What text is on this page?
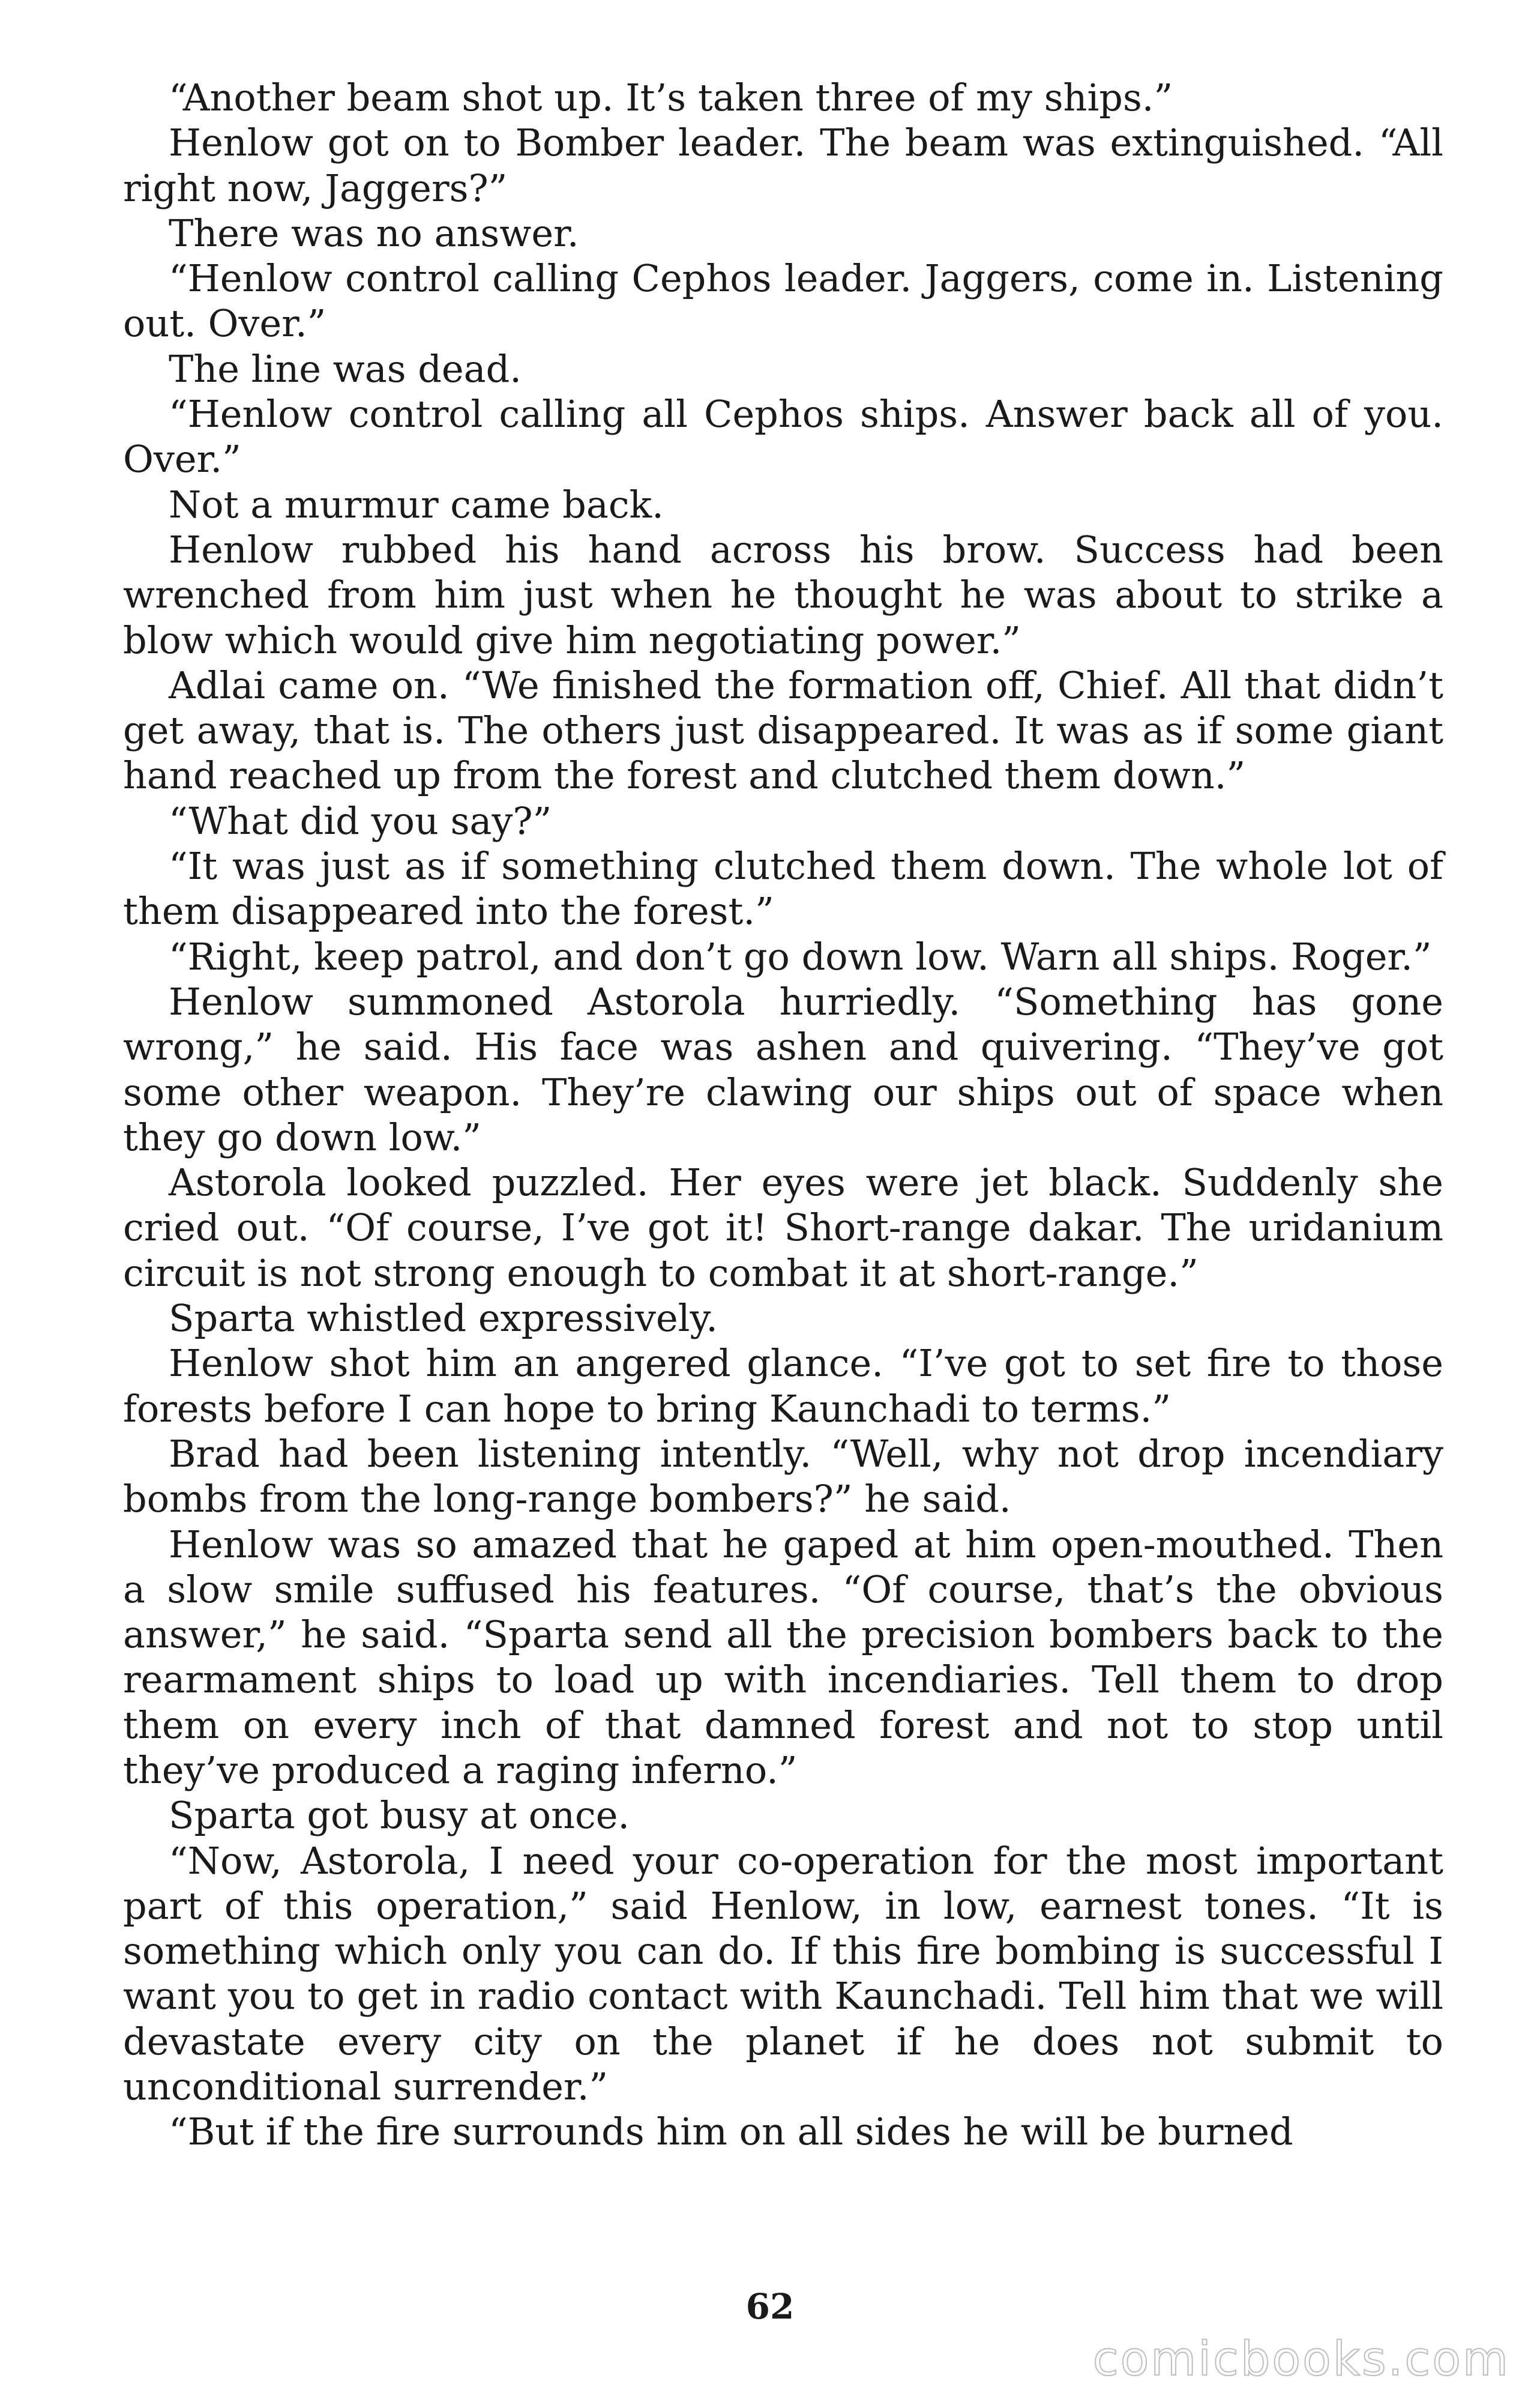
“Another beam shot up. It’s taken three of my ships.”

Henlow got on to Bomber leader. The beam was extinguished. “All right now, Jaggers?”

There was no answer.

“Henlow control calling Cephos leader. Jaggers, come in. Listening out. Over.”

The line was dead.

“Henlow control calling all Cephos ships. Answer back all of you. Over.”

Not a murmur came back.

Henlow rubbed his hand across his brow. Success had been wrenched from him just when he thought he was about to strike a blow which would give him negotiating power.”

Adlai came on. “We finished the formation off, Chief. All that didn’t get away, that is. The others just disappeared. It was as if some giant hand reached up from the forest and clutched them down.”

“What did you say?”

“It was just as if something clutched them down. The whole lot of them disappeared into the forest.”

“Right, keep patrol, and don’t go down low. Warn all ships. Roger.”

Henlow summoned Astorola hurriedly. “Something has gone wrong,” he said. His face was ashen and quivering. “They’ve got some other weapon. They’re clawing our ships out of space when they go down low.”

Astorola looked puzzled. Her eyes were jet black. Suddenly she cried out. “Of course, I’ve got it! Short-range dakar. The uridanium circuit is not strong enough to combat it at short-range.”

Sparta whistled expressively.

Henlow shot him an angered glance. “I’ve got to set fire to those forests before I can hope to bring Kaunchadi to terms.”

Brad had been listening intently. “Well, why not drop incendiary bombs from the long-range bombers?” he said.

Henlow was so amazed that he gaped at him open-mouthed. Then a slow smile suffused his features. “Of course, that’s the obvious answer,” he said. “Sparta send all the precision bombers back to the rearmament ships to load up with incendiaries. Tell them to drop them on every inch of that damned forest and not to stop until they’ve produced a raging inferno.”

Sparta got busy at once.

“Now, Astorola, I need your co-operation for the most important part of this operation,” said Henlow, in low, earnest tones. “It is something which only you can do. If this fire bombing is successful I want you to get in radio contact with Kaunchadi. Tell him that we will devastate every city on the planet if he does not submit to unconditional surrender.”

“But if the fire surrounds him on all sides he will be burned

62
comicbooks.com
